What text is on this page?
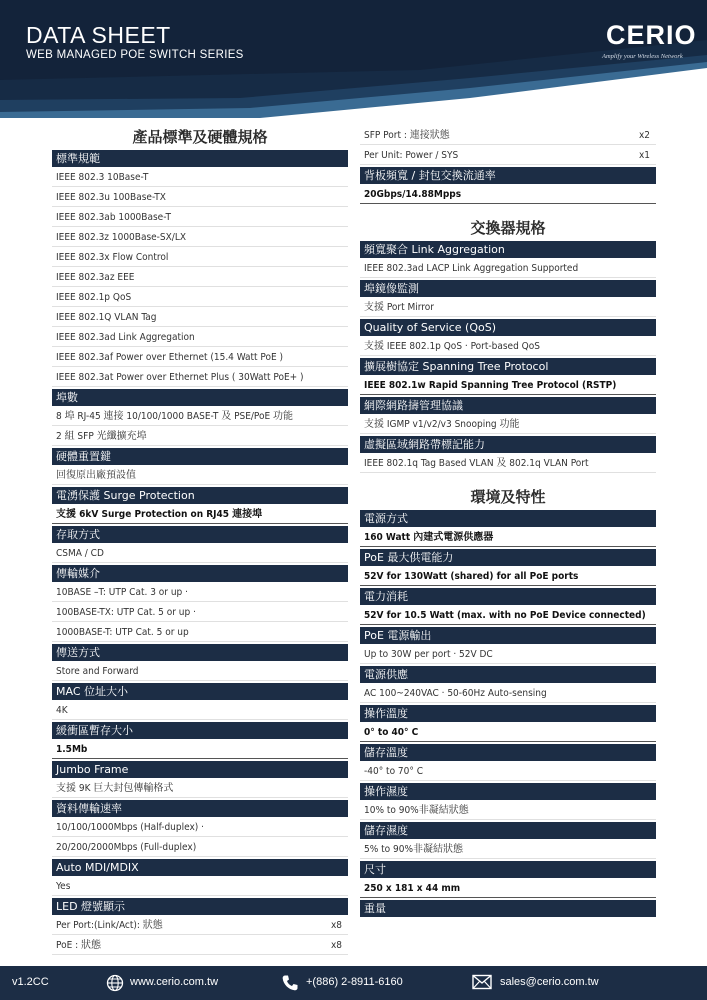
DATA SHEET
WEB MANAGED POE SWITCH SERIES
CERIO
Amplify your Wireless Network
產品標準及硬體規格
標準規範
IEEE 802.3 10Base-T
IEEE 802.3u 100Base-TX
IEEE 802.3ab 1000Base-T
IEEE 802.3z 1000Base-SX/LX
IEEE 802.3x Flow Control
IEEE 802.3az EEE
IEEE 802.1p QoS
IEEE 802.1Q VLAN Tag
IEEE 802.3ad Link Aggregation
IEEE 802.3af Power over Ethernet (15.4 Watt PoE )
IEEE 802.3at Power over Ethernet Plus ( 30Watt PoE+ )
埠數
8 埠 RJ-45 連接 10/100/1000 BASE-T 及 PSE/PoE 功能
2 組 SFP 光纖擴充埠
硬體重置鍵
回復原出廠預設值
電湧保護 Surge Protection
支援 6kV Surge Protection on RJ45 連接埠
存取方式
CSMA / CD
傳輸媒介
10BASE –T: UTP Cat. 3 or up ·
100BASE-TX: UTP Cat. 5 or up ·
1000BASE-T: UTP Cat. 5 or up
傳送方式
Store and Forward
MAC 位址大小
4K
緩衝區暫存大小
1.5Mb
Jumbo Frame
支援 9K 巨大封包傳輸格式
資料傳輸速率
10/100/1000Mbps (Half-duplex) ·
20/200/2000Mbps (Full-duplex)
Auto MDI/MDIX
Yes
LED 燈號顯示
Per Port:(Link/Act): 狀態	x8
PoE : 狀態	x8
SFP Port : 連接狀態	x2
Per Unit: Power / SYS	x1
背板頻寬 / 封包交換流通率
20Gbps/14.88Mpps
交換器規格
頻寬聚合 Link Aggregation
IEEE 802.3ad LACP Link Aggregation Supported
埠鏡像監測
支援 Port Mirror
Quality of Service (QoS)
支援 IEEE 802.1p QoS · Port-based QoS
擴展樹協定 Spanning Tree Protocol
IEEE 802.1w Rapid Spanning Tree Protocol (RSTP)
網際網路擣管理協議
支援 IGMP v1/v2/v3 Snooping 功能
虛擬區域網路帶標記能力
IEEE 802.1q Tag Based VLAN 及 802.1q VLAN Port
環境及特性
電源方式
160 Watt 內建式電源供應器
PoE 最大供電能力
52V for 130Watt (shared) for all PoE ports
電力消耗
52V for 10.5 Watt (max. with no PoE Device connected)
PoE 電源輸出
Up to 30W per port · 52V DC
電源供應
AC 100~240VAC · 50-60Hz Auto-sensing
操作溫度
0° to 40° C
儲存溫度
-40° to 70° C
操作濕度
10% to 90%非凝結狀態
儲存濕度
5% to 90%非凝結狀態
尺寸
250 x 181 x 44 mm
重量
v1.2CC	www.cerio.com.tw	+(886) 2-8911-6160	sales@cerio.com.tw
